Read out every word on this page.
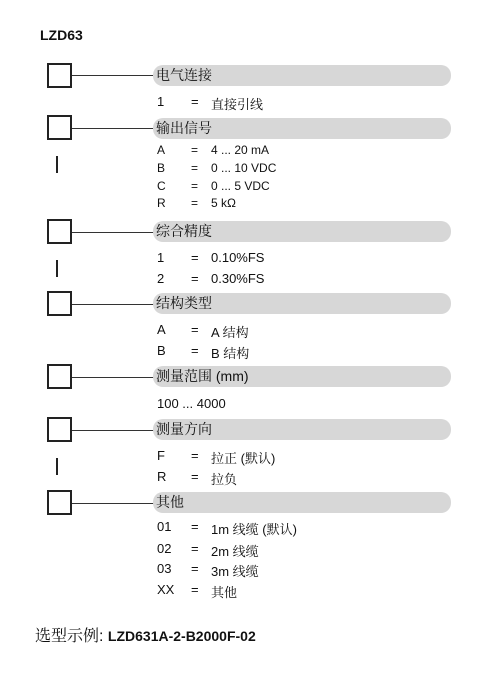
LZD63
电气连接
1 = 直接引线
输出信号
A = 4 ... 20 mA
B = 0 ... 10 VDC
C = 0 ... 5 VDC
R = 5 kΩ
综合精度
1 = 0.10%FS
2 = 0.30%FS
结构类型
A = A 结构
B = B 结构
测量范围 (mm)
100 ... 4000
测量方向
F = 拉正 (默认)
R = 拉负
其他
01 = 1m 线缆 (默认)
02 = 2m 线缆
03 = 3m 线缆
XX = 其他
选型示例: LZD631A-2-B2000F-02
